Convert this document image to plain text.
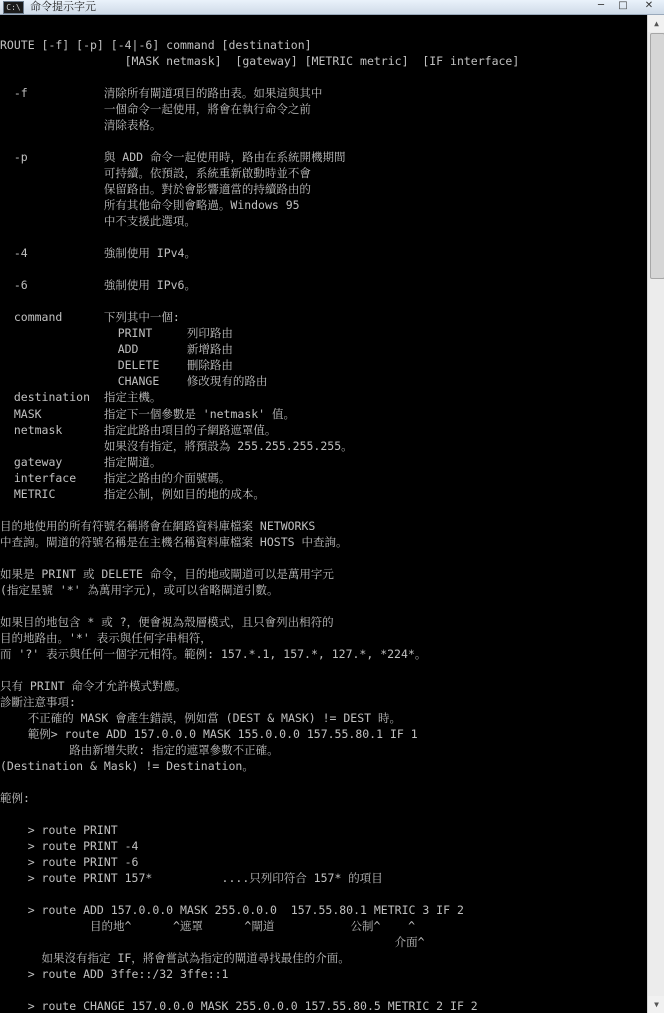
C:\ 命令提示字元	─	□	✕
ROUTE [-f] [-p] [-4|-6] command [destination]
[MASK netmask]  [gateway] [METRIC metric]  [IF interface]
-f           清除所有閘道項目的路由表。如果這與其中
一個命令一起使用，將會在執行命令之前
清除表格。
-p           與 ADD 命令一起使用時，路由在系統開機期間
可持續。依預設，系統重新啟動時並不會
保留路由。對於會影響適當的持續路由的
所有其他命令則會略過。Windows 95
中不支援此選項。
-4           強制使用 IPv4。
-6           強制使用 IPv6。
command      下列其中一個:
PRINT     列印路由
ADD       新增路由
DELETE    刪除路由
CHANGE    修改現有的路由
destination  指定主機。
MASK         指定下一個參數是 'netmask' 值。
netmask      指定此路由項目的子網路遮罩值。
如果沒有指定，將預設為 255.255.255.255。
gateway      指定閘道。
interface    指定之路由的介面號碼。
METRIC       指定公制，例如目的地的成本。
目的地使用的所有符號名稱將會在網路資料庫檔案 NETWORKS
中查詢。閘道的符號名稱是在主機名稱資料庫檔案 HOSTS 中查詢。
如果是 PRINT 或 DELETE 命令，目的地或閘道可以是萬用字元
(指定星號 '*' 為萬用字元)，或可以省略閘道引數。
如果目的地包含 * 或 ?，便會視為殼層模式，且只會列出相符的
目的地路由。'*' 表示與任何字串相符，
而 '?' 表示與任何一個字元相符。範例: 157.*.1, 157.*, 127.*, *224*。
只有 PRINT 命令才允許模式對應。
診斷注意事項:
不正確的 MASK 會產生錯誤，例如當 (DEST & MASK) != DEST 時。
範例> route ADD 157.0.0.0 MASK 155.0.0.0 157.55.80.1 IF 1
路由新增失敗: 指定的遮罩參數不正確。
(Destination & Mask) != Destination。
範例:
> route PRINT
> route PRINT -4
> route PRINT -6
> route PRINT 157*          ....只列印符合 157* 的項目
> route ADD 157.0.0.0 MASK 255.0.0.0  157.55.80.1 METRIC 3 IF 2
目的地^      ^遮罩      ^閘道           公制^    ^
介面^
如果沒有指定 IF，將會嘗試為指定的閘道尋找最佳的介面。
> route ADD 3ffe::/32 3ffe::1
> route CHANGE 157.0.0.0 MASK 255.0.0.0 157.55.80.5 METRIC 2 IF 2
▲
▼
